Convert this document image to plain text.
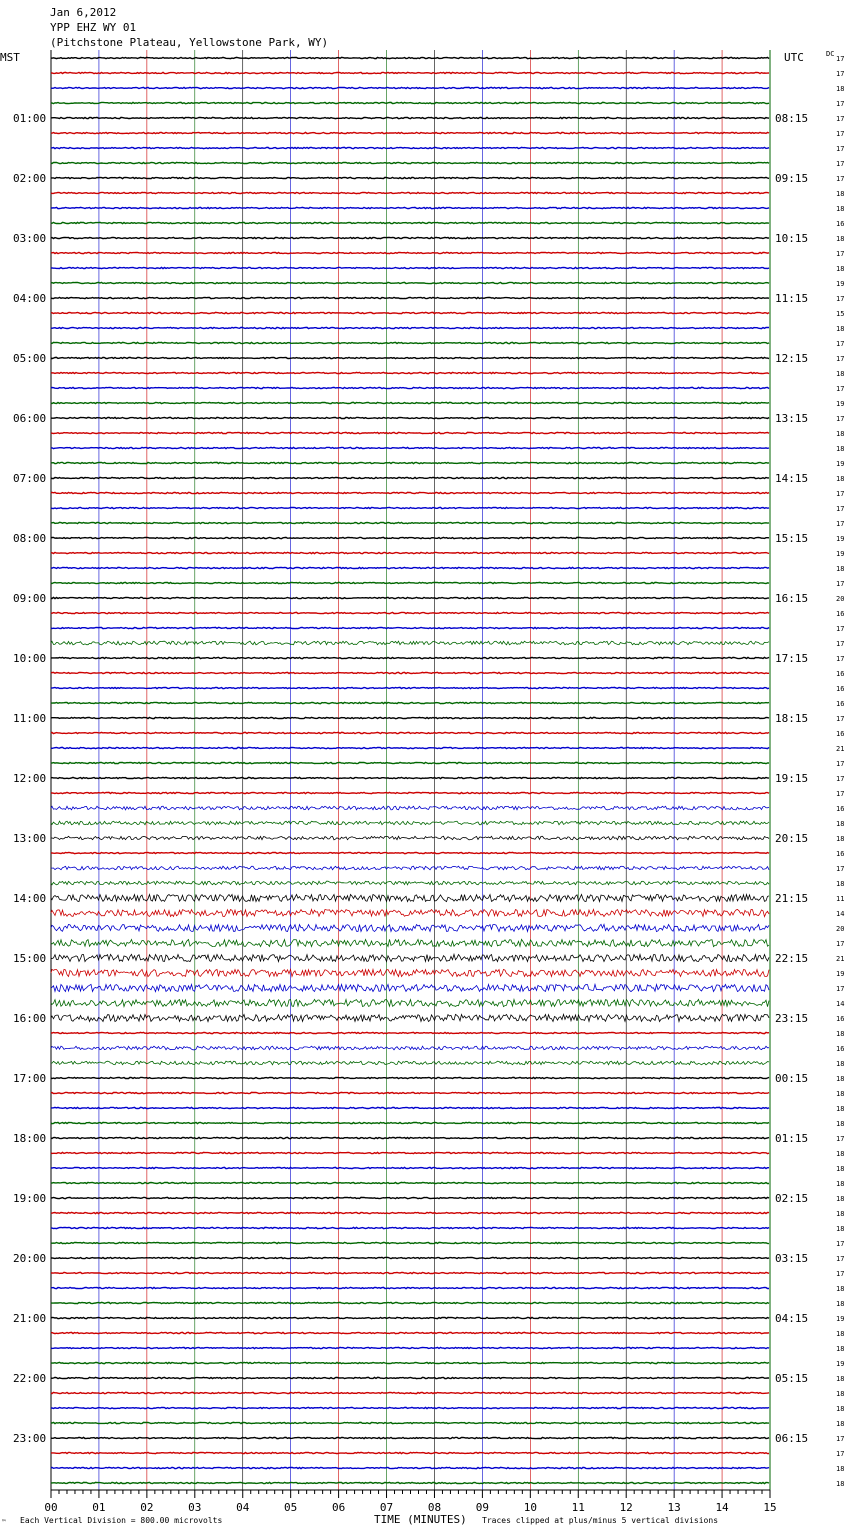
Jan 6,2012
YPP EHZ WY 01
(Pitchstone Plateau, Yellowstone Park, WY)
MST	UTC	DC
01:00
02:00
03:00
04:00
05:00
06:00
07:00
08:00
09:00
10:00
11:00
12:00
13:00
14:00
15:00
16:00
17:00
18:00
19:00
20:00
21:00
22:00
23:00
08:15
09:15
10:15
11:15
12:15
13:15
14:15
15:15
16:15
17:15
18:15
19:15
20:15
21:15
22:15
23:15
00:15
01:15
02:15
03:15
04:15
05:15
06:15
17
17
18
17
17
17
17
17
17
18
18
16
18
17
18
19
17
15
18
17
17
18
17
19
17
18
18
19
18
17
17
17
19
19
18
17
20
16
17
17
17
16
16
16
17
16
21
17
17
17
16
18
18
16
17
18
11
14
20
17
21
19
17
14
16
18
16
18
18
18
18
18
17
18
18
18
18
18
18
17
17
17
18
18
19
18
18
19
18
18
18
18
17
17
18
18
00	01	02	03	04	05	06	07	08	09	10	11	12	13	14	15
™ Each Vertical Division = 800.00 microvolts	TIME (MINUTES) Traces clipped at plus/minus 5 vertical divisions
